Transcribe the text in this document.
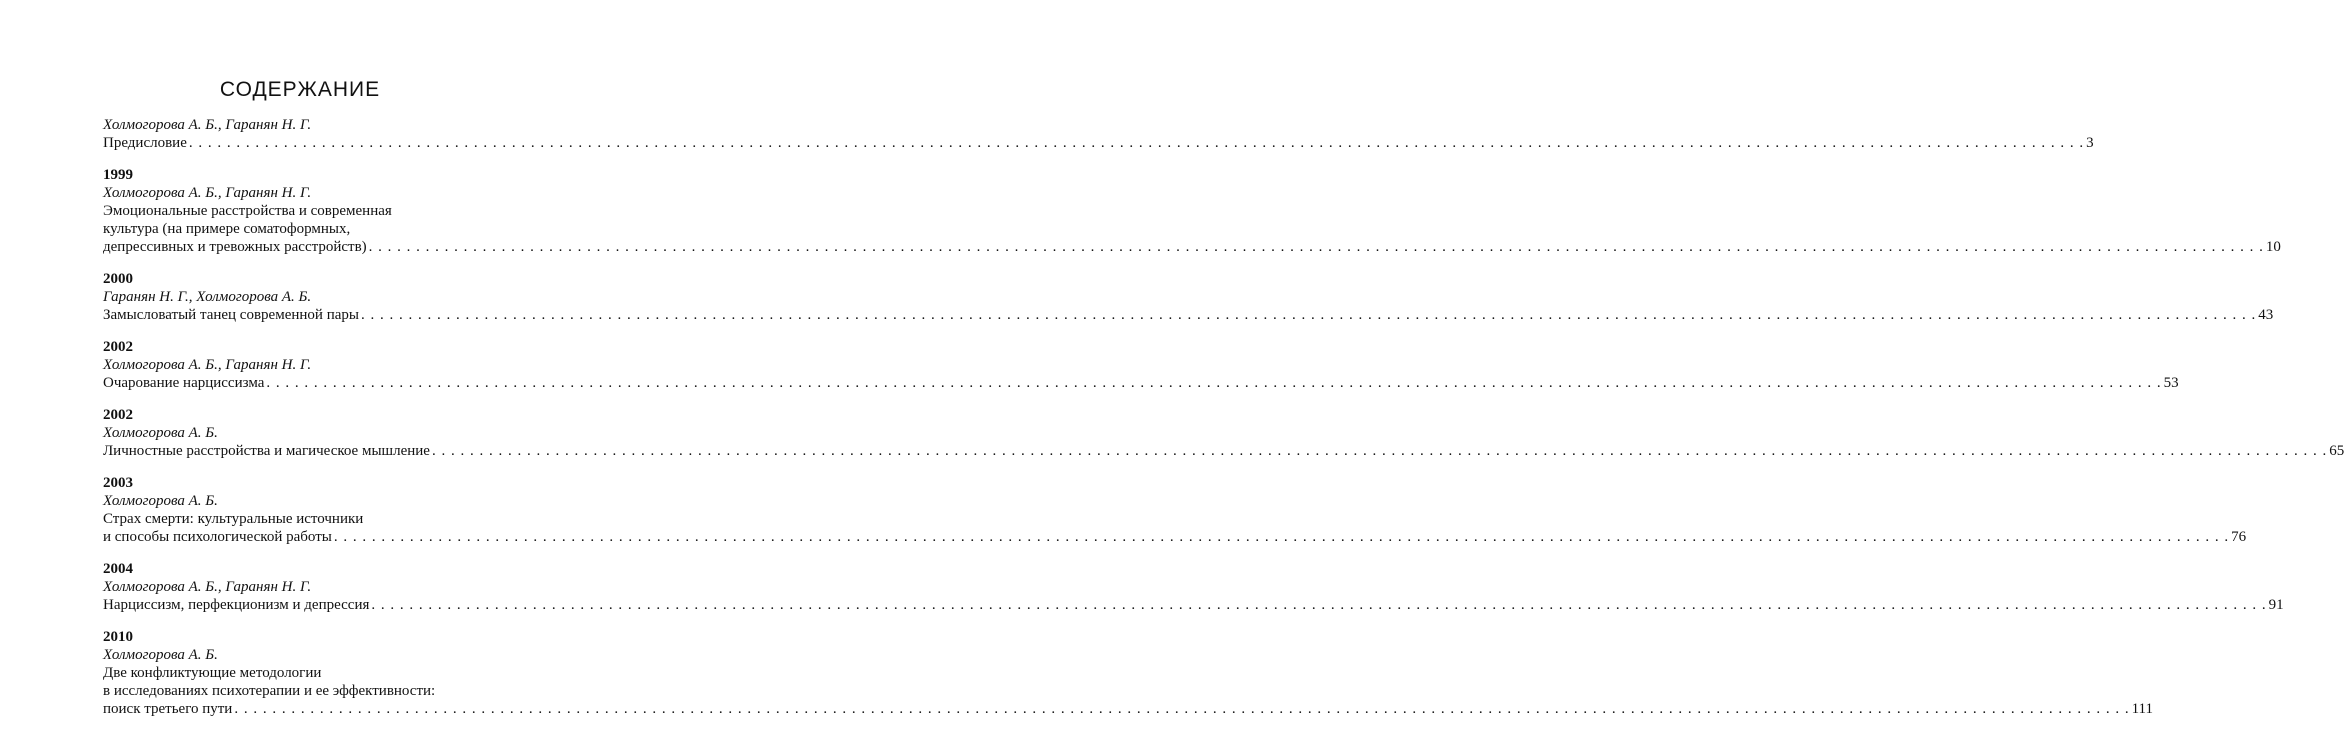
СОДЕРЖАНИЕ
Холмогорова А. Б., Гаранян Н. Г.
Предисловие . . . . . . . . . . . . . . . . . . . . . . . . . . . . . . . . . . . . . . . . . . . . . . . . . . . . . . . . . . . . . . . . . . . . . . . . . . . . . . . . . . . . . . . . . . . . . . . . . . . . . . . . . . . . . . . . . . . . . . . . . . . . . . . . . . . . . . . . . . . . . . . . . . . . . . . . . . . . . . . . . . . . . . . . . . . . . . . . . . . . . . . . . . . . . . . . . . . . . . . . 3
1999
Холмогорова А. Б., Гаранян Н. Г.
Эмоциональные расстройства и современная
культура (на примере соматоформных,
депрессивных и тревожных расстройств) . . . . . . . . . . . . . . . . . . . . . . . . . . . . . . . . . . . . . . . . . . . . . . . . . . . . . . . . . . . . . . . . . . . . . . . . . . . . . . . . . . . . . . . . . . . . . . . . . . . . . . . . . . . . . . . . . . . . . . . . . . . . . . . . . . . . . . . . . . . . . . . . . . . . . . . . . . . . . . . . . . . . . . . . . . . . . . . . . . . . . . . . . . . . . . . . . . . . . . . . 10
2000
Гаранян Н. Г., Холмогорова А. Б.
Замысловатый танец современной пары . . . . . . . . . . . . . . . . . . . . . . . . . . . . . . . . . . . . . . . . . . . . . . . . . . . . . . . . . . . . . . . . . . . . . . . . . . . . . . . . . . . . . . . . . . . . . . . . . . . . . . . . . . . . . . . . . . . . . . . . . . . . . . . . . . . . . . . . . . . . . . . . . . . . . . . . . . . . . . . . . . . . . . . . . . . . . . . . . . . . . . . . . . . . . . . . . . . . . . . . 43
2002
Холмогорова А. Б., Гаранян Н. Г.
Очарование нарциссизма . . . . . . . . . . . . . . . . . . . . . . . . . . . . . . . . . . . . . . . . . . . . . . . . . . . . . . . . . . . . . . . . . . . . . . . . . . . . . . . . . . . . . . . . . . . . . . . . . . . . . . . . . . . . . . . . . . . . . . . . . . . . . . . . . . . . . . . . . . . . . . . . . . . . . . . . . . . . . . . . . . . . . . . . . . . . . . . . . . . . . . . . . . . . . . . . . . . . . . . . 53
2002
Холмогорова А. Б.
Личностные расстройства и магическое мышление . . . . . . . . . . . . . . . . . . . . . . . . . . . . . . . . . . . . . . . . . . . . . . . . . . . . . . . . . . . . . . . . . . . . . . . . . . . . . . . . . . . . . . . . . . . . . . . . . . . . . . . . . . . . . . . . . . . . . . . . . . . . . . . . . . . . . . . . . . . . . . . . . . . . . . . . . . . . . . . . . . . . . . . . . . . . . . . . . . . . . . . . . . . . . . . . . . . . . . . . 65
2003
Холмогорова А. Б.
Страх смерти: культуральные источники
и способы психологической работы . . . . . . . . . . . . . . . . . . . . . . . . . . . . . . . . . . . . . . . . . . . . . . . . . . . . . . . . . . . . . . . . . . . . . . . . . . . . . . . . . . . . . . . . . . . . . . . . . . . . . . . . . . . . . . . . . . . . . . . . . . . . . . . . . . . . . . . . . . . . . . . . . . . . . . . . . . . . . . . . . . . . . . . . . . . . . . . . . . . . . . . . . . . . . . . . . . . . . . . . 76
2004
Холмогорова А. Б., Гаранян Н. Г.
Нарциссизм, перфекционизм и депрессия . . . . . . . . . . . . . . . . . . . . . . . . . . . . . . . . . . . . . . . . . . . . . . . . . . . . . . . . . . . . . . . . . . . . . . . . . . . . . . . . . . . . . . . . . . . . . . . . . . . . . . . . . . . . . . . . . . . . . . . . . . . . . . . . . . . . . . . . . . . . . . . . . . . . . . . . . . . . . . . . . . . . . . . . . . . . . . . . . . . . . . . . . . . . . . . . . . . . . . . . 91
2010
Холмогорова А. Б.
Две конфликтующие методологии
в исследованиях психотерапии и ее эффективности:
поиск третьего пути . . . . . . . . . . . . . . . . . . . . . . . . . . . . . . . . . . . . . . . . . . . . . . . . . . . . . . . . . . . . . . . . . . . . . . . . . . . . . . . . . . . . . . . . . . . . . . . . . . . . . . . . . . . . . . . . . . . . . . . . . . . . . . . . . . . . . . . . . . . . . . . . . . . . . . . . . . . . . . . . . . . . . . . . . . . . . . . . . . . . . . . . . . . . . . . . . . . . . . . . 111
